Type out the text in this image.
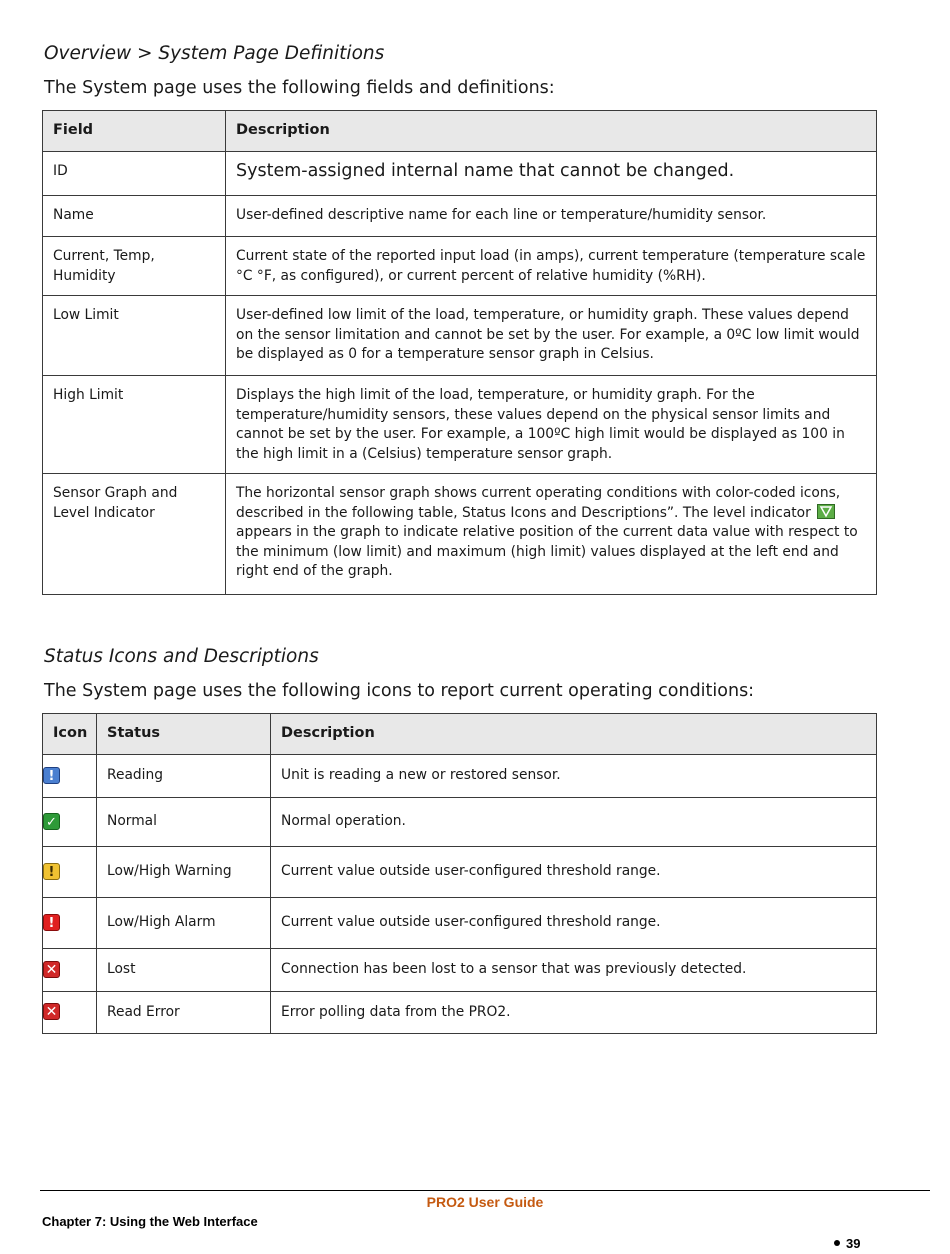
Overview > System Page Definitions

The System page uses the following fields and definitions:

Field	Description
ID	System-assigned internal name that cannot be changed.
Name	User-defined descriptive name for each line or temperature/humidity sensor.
Current, Temp, Humidity	Current state of the reported input load (in amps), current temperature (temperature scale °C °F, as configured), or current percent of relative humidity (%RH).
Low Limit	User-defined low limit of the load, temperature, or humidity graph. These values depend on the sensor limitation and cannot be set by the user. For example, a 0ºC low limit would be displayed as 0 for a temperature sensor graph in Celsius.
High Limit	Displays the high limit of the load, temperature, or humidity graph. For the temperature/humidity sensors, these values depend on the physical sensor limits and cannot be set by the user. For example, a 100ºC high limit would be displayed as 100 in the high limit in a (Celsius) temperature sensor graph.
Sensor Graph and Level Indicator	The horizontal sensor graph shows current operating conditions with color-coded icons, described in the following table, Status Icons and Descriptions”. The level indicator
appears in the graph to indicate relative position of the current data value with respect to the minimum (low limit) and maximum (high limit) values displayed at the left end and right end of the graph.
Status Icons and Descriptions

The System page uses the following icons to report current operating conditions:

Icon	Status	Description
!	Reading	Unit is reading a new or restored sensor.
✓	Normal	Normal operation.
!	Low/High Warning	Current value outside user-configured threshold range.
!	Low/High Alarm	Current value outside user-configured threshold range.
✕	Lost	Connection has been lost to a sensor that was previously detected.
✕	Read Error	Error polling data from the PRO2.
PRO2 User Guide
Chapter 7: Using the Web Interface
39
